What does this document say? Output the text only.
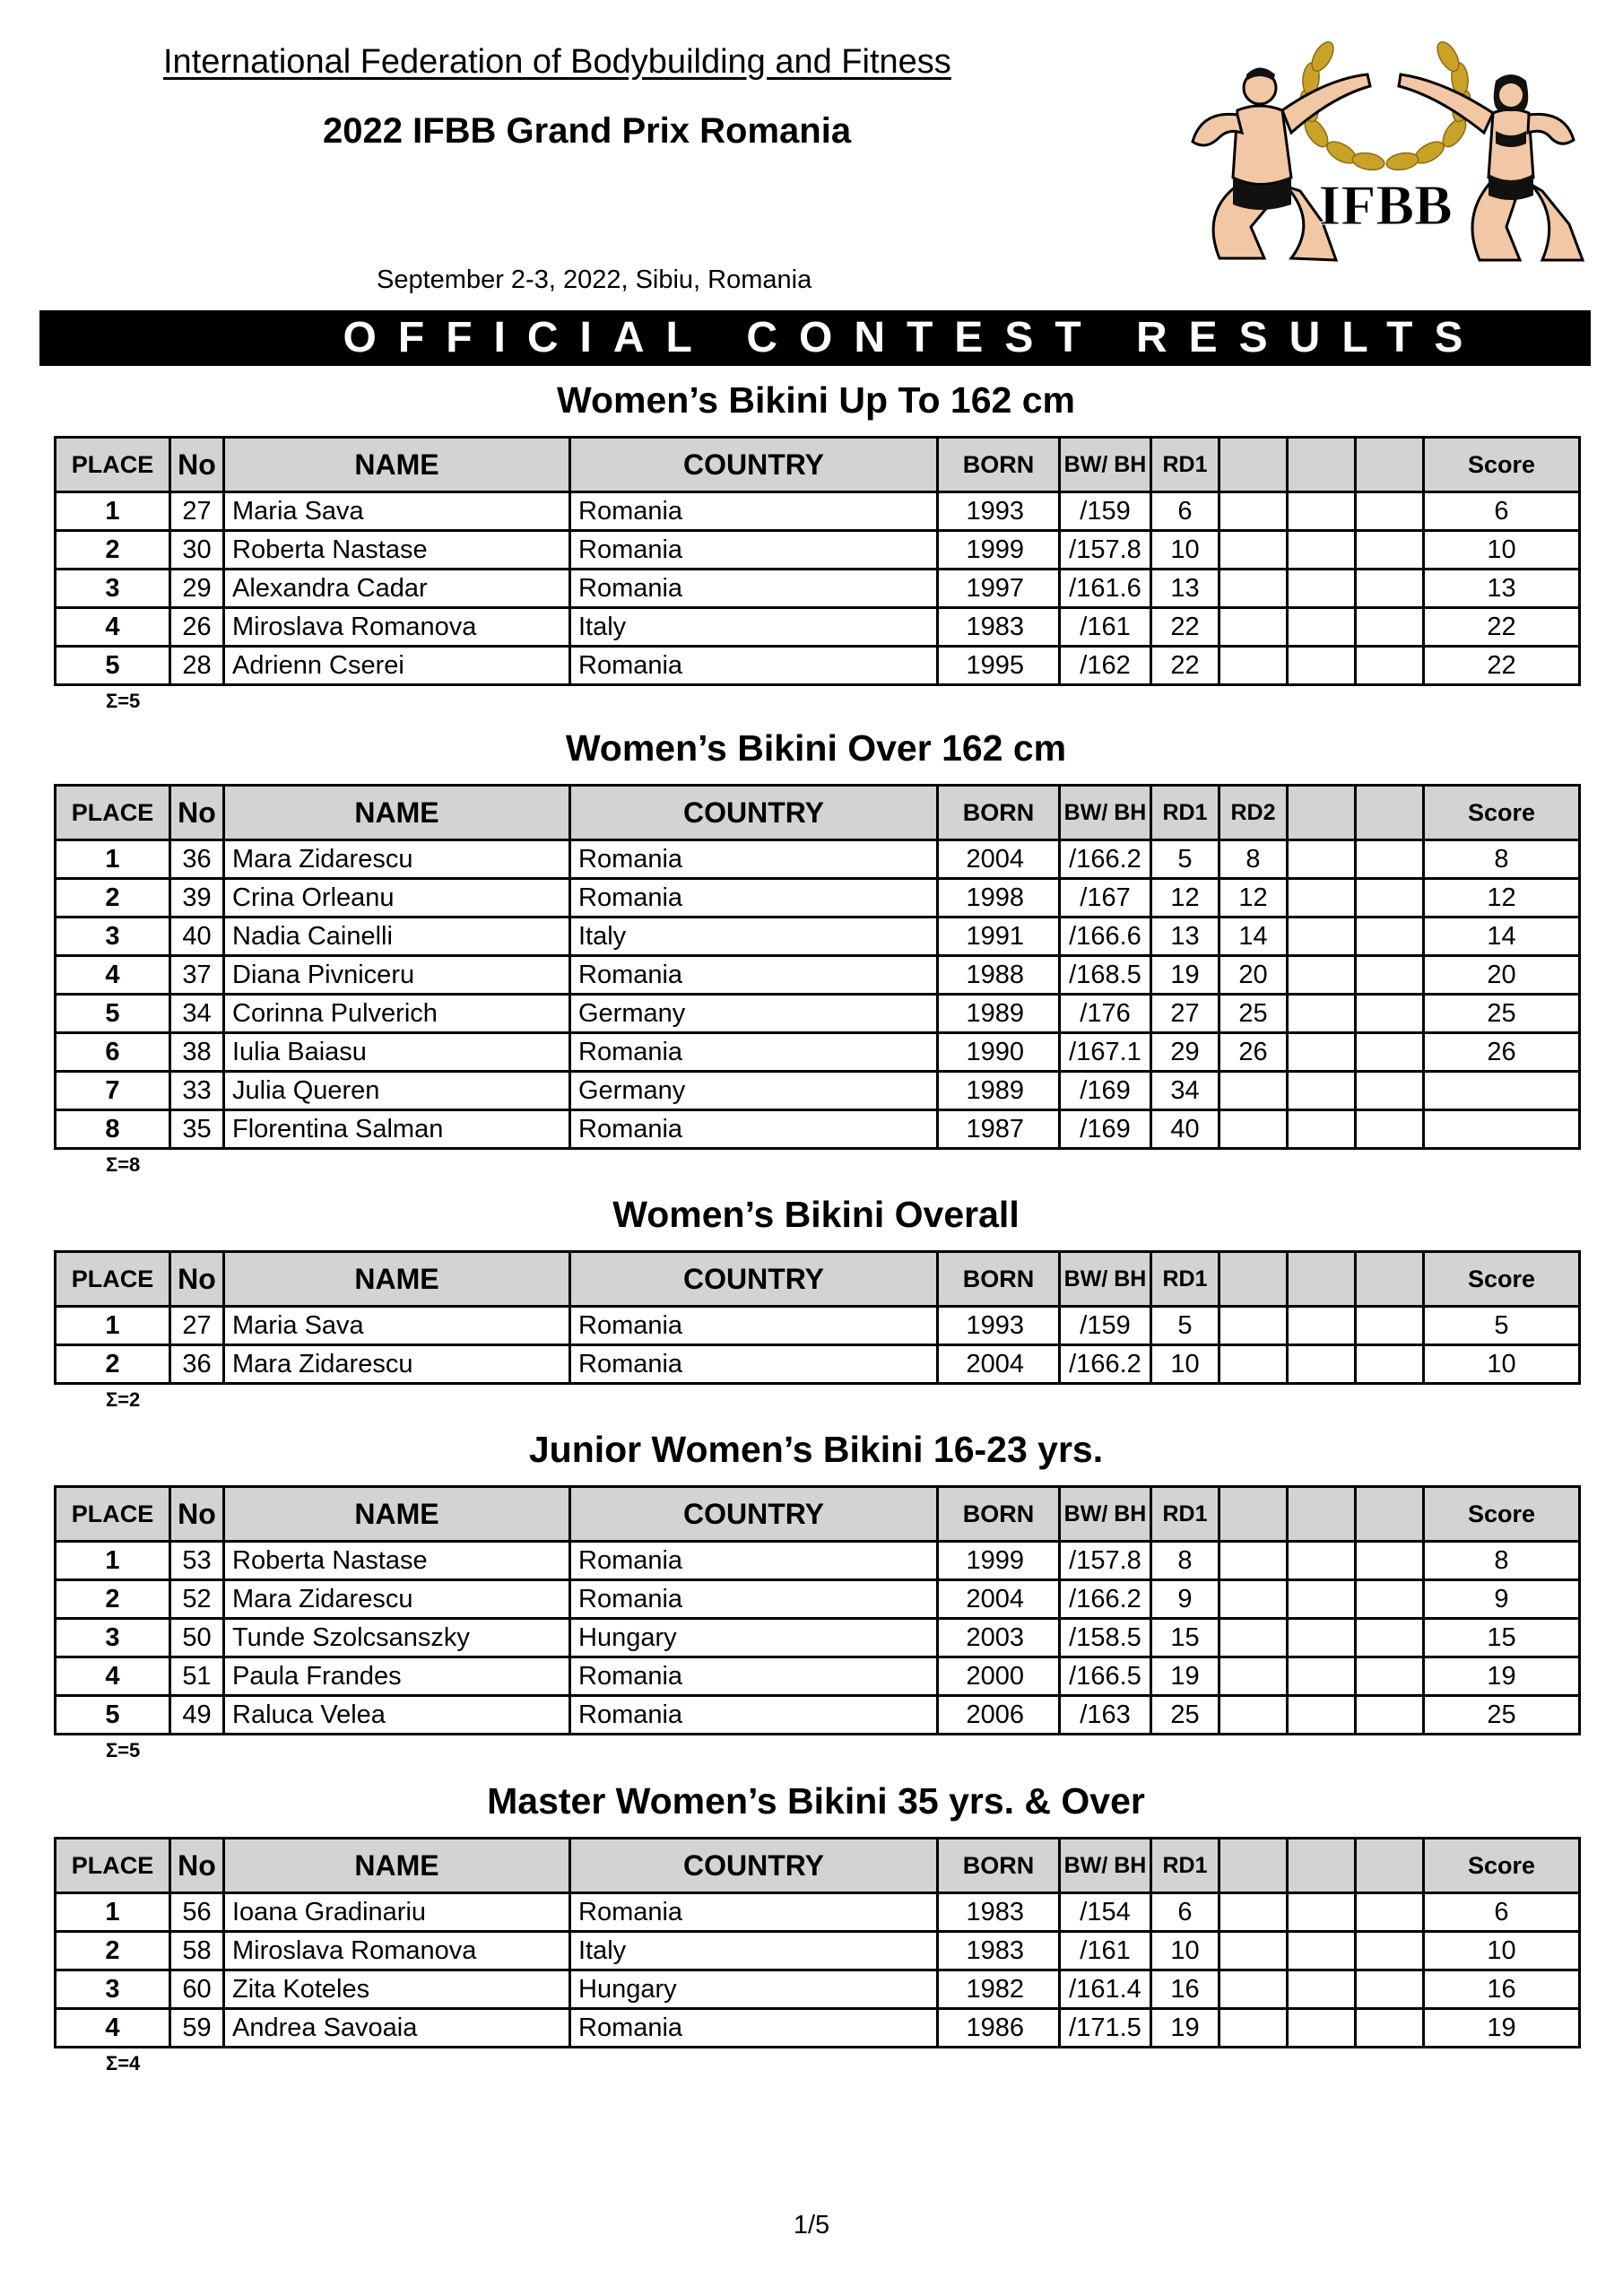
International Federation of Bodybuilding and Fitness
2022 IFBB Grand Prix Romania
September 2-3, 2022, Sibiu, Romania
IFBB
OFFICIAL CONTEST RESULTS
Women’s Bikini Up To 162 cm
PLACE	No	NAME	COUNTRY	BORN	BW/ BH	RD1				Score
1	27	Maria Sava	Romania	1993	/159	6				6
2	30	Roberta Nastase	Romania	1999	/157.8	10				10
3	29	Alexandra Cadar	Romania	1997	/161.6	13				13
4	26	Miroslava Romanova	Italy	1983	/161	22				22
5	28	Adrienn Cserei	Romania	1995	/162	22				22
Σ=5
Women’s Bikini Over 162 cm
PLACE	No	NAME	COUNTRY	BORN	BW/ BH	RD1	RD2			Score
1	36	Mara Zidarescu	Romania	2004	/166.2	5	8			8
2	39	Crina Orleanu	Romania	1998	/167	12	12			12
3	40	Nadia Cainelli	Italy	1991	/166.6	13	14			14
4	37	Diana Pivniceru	Romania	1988	/168.5	19	20			20
5	34	Corinna Pulverich	Germany	1989	/176	27	25			25
6	38	Iulia Baiasu	Romania	1990	/167.1	29	26			26
7	33	Julia Queren	Germany	1989	/169	34				
8	35	Florentina Salman	Romania	1987	/169	40				
Σ=8
Women’s Bikini Overall
PLACE	No	NAME	COUNTRY	BORN	BW/ BH	RD1				Score
1	27	Maria Sava	Romania	1993	/159	5				5
2	36	Mara Zidarescu	Romania	2004	/166.2	10				10
Σ=2
Junior Women’s Bikini 16-23 yrs.
PLACE	No	NAME	COUNTRY	BORN	BW/ BH	RD1				Score
1	53	Roberta Nastase	Romania	1999	/157.8	8				8
2	52	Mara Zidarescu	Romania	2004	/166.2	9				9
3	50	Tunde Szolcsanszky	Hungary	2003	/158.5	15				15
4	51	Paula Frandes	Romania	2000	/166.5	19				19
5	49	Raluca Velea	Romania	2006	/163	25				25
Σ=5
Master Women’s Bikini 35 yrs. & Over
PLACE	No	NAME	COUNTRY	BORN	BW/ BH	RD1				Score
1	56	Ioana Gradinariu	Romania	1983	/154	6				6
2	58	Miroslava Romanova	Italy	1983	/161	10				10
3	60	Zita Koteles	Hungary	1982	/161.4	16				16
4	59	Andrea Savoaia	Romania	1986	/171.5	19				19
Σ=4
1/5
